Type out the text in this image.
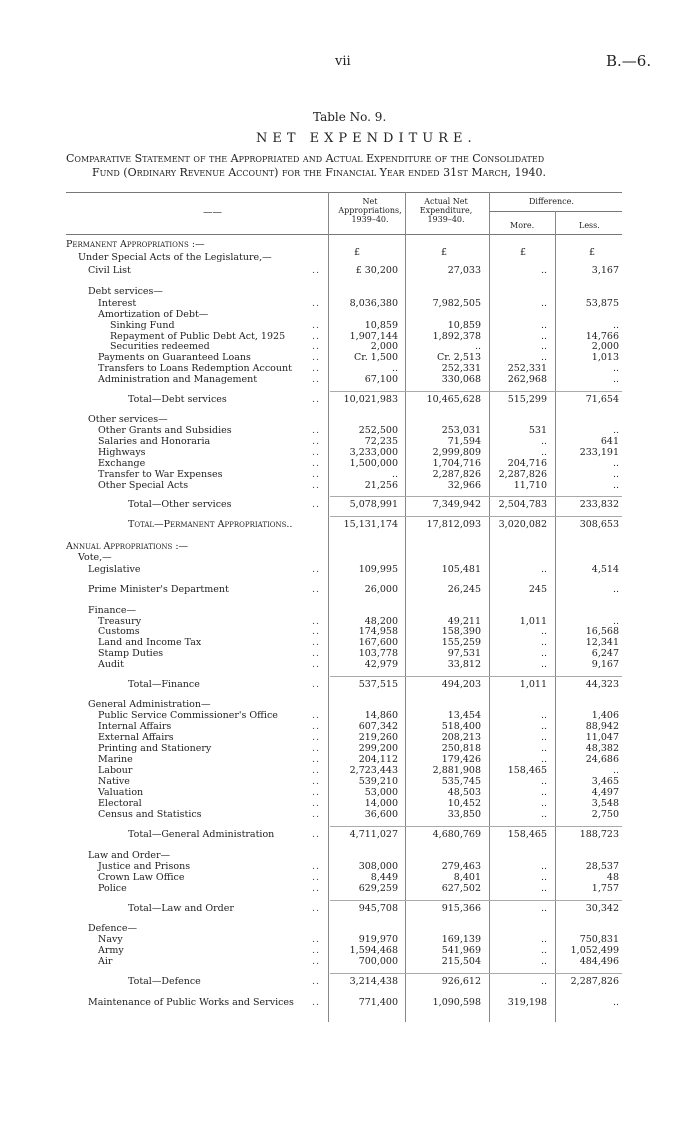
vii	B.—6.
Table No. 9.
NET EXPENDITURE.
Comparative Statement of the Appropriated and Actual Expenditure of the Consolidated
Fund (Ordinary Revenue Account) for the Financial Year ended 31st March, 1940.
——
Net
Appropriations,
1939–40.
Actual Net
Expenditure,
1939–40.
Difference.
More.	Less.
£	£	£	£
Permanent Appropriations :—
Under Special Acts of the Legislature,—
Civil List	..	£ 30,200	27,033	..	3,167
Debt services—
Interest	..	8,036,380	7,982,505	..	53,875
Amortization of Debt—
Sinking Fund	..	10,859	10,859	..	..
Repayment of Public Debt Act, 1925	..	1,907,144	1,892,378	..	14,766
Securities redeemed	..	2,000	..	..	2,000
Payments on Guaranteed Loans	..	Cr. 1,500	Cr. 2,513	..	1,013
Transfers to Loans Redemption Account ..	..	252,331	252,331	..
Administration and Management	..	67,100	330,068	262,968	..
Total—Debt services	..	10,021,983	10,465,628	515,299	71,654
Other services—
Other Grants and Subsidies	..	252,500	253,031	531	..
Salaries and Honoraria	..	72,235	71,594	..	641
Highways	..	3,233,000	2,999,809	..	233,191
Exchange	..	1,500,000	1,704,716	204,716	..
Transfer to War Expenses	..	..	2,287,826	2,287,826	..
Other Special Acts	..	21,256	32,966	11,710	..
Total—Other services	..	5,078,991	7,349,942	2,504,783	233,832
Total—Permanent Appropriations..	15,131,174	17,812,093	3,020,082	308,653
Annual Appropriations :—
Vote,—
Legislative	..	109,995	105,481	..	4,514
Prime Minister's Department	..	26,000	26,245	245	..
Finance—
Treasury	..	48,200	49,211	1,011	..
Customs	..	174,958	158,390	..	16,568
Land and Income Tax	..	167,600	155,259	..	12,341
Stamp Duties	..	103,778	97,531	..	6,247
Audit	..	42,979	33,812	..	9,167
Total—Finance	..	537,515	494,203	1,011	44,323
General Administration—
Public Service Commissioner's Office	..	14,860	13,454	..	1,406
Internal Affairs	..	607,342	518,400	..	88,942
External Affairs	..	219,260	208,213	..	11,047
Printing and Stationery	..	299,200	250,818	..	48,382
Marine	..	204,112	179,426	..	24,686
Labour	..	2,723,443	2,881,908	158,465	..
Native	..	539,210	535,745	..	3,465
Valuation	..	53,000	48,503	..	4,497
Electoral	..	14,000	10,452	..	3,548
Census and Statistics	..	36,600	33,850	..	2,750
Total—General Administration	..	4,711,027	4,680,769	158,465	188,723
Law and Order—
Justice and Prisons	..	308,000	279,463	..	28,537
Crown Law Office	..	8,449	8,401	..	48
Police	..	629,259	627,502	..	1,757
Total—Law and Order	..	945,708	915,366	..	30,342
Defence—
Navy	..	919,970	169,139	..	750,831
Army	..	1,594,468	541,969	..	1,052,499
Air	..	700,000	215,504	..	484,496
Total—Defence	..	3,214,438	926,612	..	2,287,826
Maintenance of Public Works and Services ..	771,400	1,090,598	319,198	..
